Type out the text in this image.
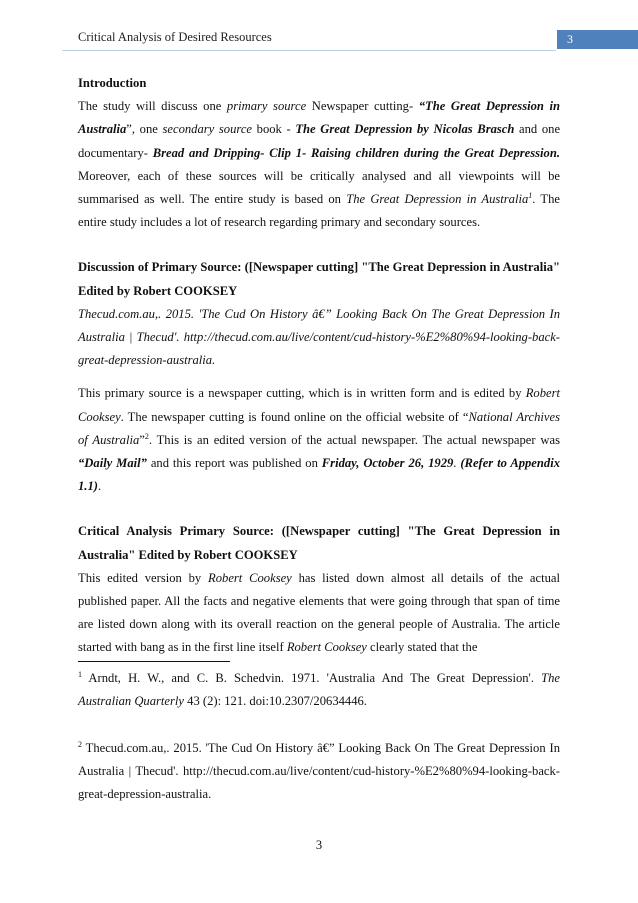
Critical Analysis of Desired Resources	3

Introduction

The study will discuss one primary source Newspaper cutting- “The Great Depression in Australia”, one secondary source book - The Great Depression by Nicolas Brasch and one documentary- Bread and Dripping- Clip 1- Raising children during the Great Depression. Moreover, each of these sources will be critically analysed and all viewpoints will be summarised as well. The entire study is based on The Great Depression in Australia$^1$. The entire study includes a lot of research regarding primary and secondary sources.

Discussion of Primary Source: ([Newspaper cutting] "The Great Depression in Australia" Edited by Robert COOKSEY

Thecud.com.au,. 2015. 'The Cud On History â€” Looking Back On The Great Depression In Australia | Thecud'. http://thecud.com.au/live/content/cud-history-%E2%80%94-looking-back-great-depression-australia.

This primary source is a newspaper cutting, which is in written form and is edited by Robert Cooksey. The newspaper cutting is found online on the official website of “National Archives of Australia”$^2$. This is an edited version of the actual newspaper. The actual newspaper was “Daily Mail” and this report was published on Friday, October 26, 1929. (Refer to Appendix 1.1).

Critical Analysis Primary Source: ([Newspaper cutting] "The Great Depression in Australia" Edited by Robert COOKSEY

This edited version by Robert Cooksey has listed down almost all details of the actual published paper. All the facts and negative elements that were going through that span of time are listed down along with its overall reaction on the general people of Australia. The article started with bang as in the first line itself Robert Cooksey clearly stated that the

$^1$ Arndt, H. W., and C. B. Schedvin. 1971. 'Australia And The Great Depression'. The Australian Quarterly 43 (2): 121. doi:10.2307/20634446.

$^2$ Thecud.com.au,. 2015. 'The Cud On History â€” Looking Back On The Great Depression In Australia | Thecud'. http://thecud.com.au/live/content/cud-history-%E2%80%94-looking-back-great-depression-australia.

3
